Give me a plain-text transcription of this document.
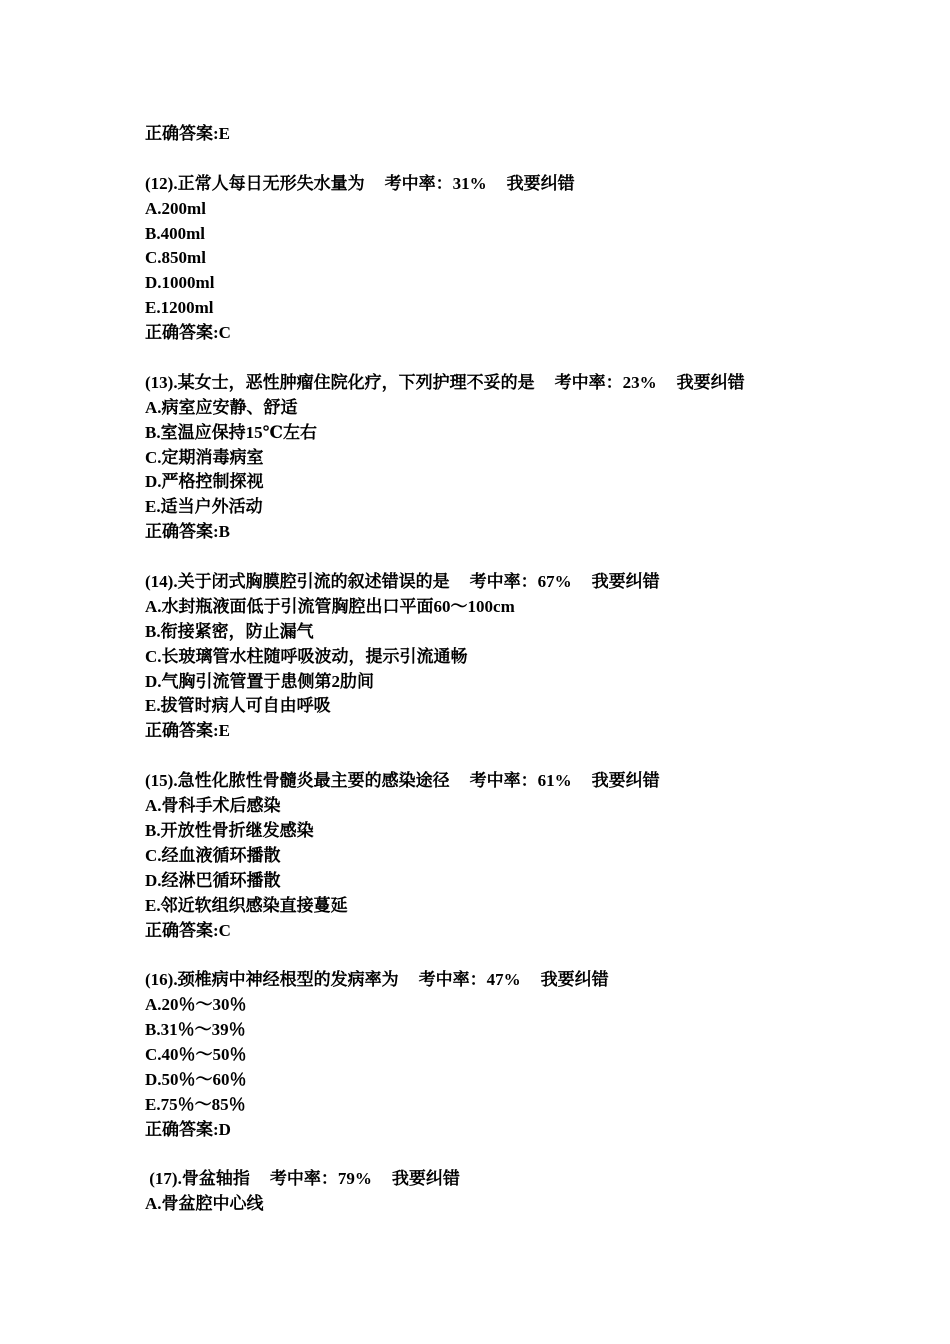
正确答案:E
(12).正常人每日无形失水量为 考中率：31% 我要纠错
A.200ml
B.400ml
C.850ml
D.1000ml
E.1200ml
正确答案:C
(13).某女士，恶性肿瘤住院化疗，下列护理不妥的是 考中率：23% 我要纠错
A.病室应安静、舒适
B.室温应保持15℃左右
C.定期消毒病室
D.严格控制探视
E.适当户外活动
正确答案:B
(14).关于闭式胸膜腔引流的叙述错误的是 考中率：67% 我要纠错
A.水封瓶液面低于引流管胸腔出口平面60～100cm
B.衔接紧密，防止漏气
C.长玻璃管水柱随呼吸波动，提示引流通畅
D.气胸引流管置于患侧第2肋间
E.拔管时病人可自由呼吸
正确答案:E
(15).急性化脓性骨髓炎最主要的感染途径 考中率：61% 我要纠错
A.骨科手术后感染
B.开放性骨折继发感染
C.经血液循环播散
D.经淋巴循环播散
E.邻近软组织感染直接蔓延
正确答案:C
(16).颈椎病中神经根型的发病率为 考中率：47% 我要纠错
A.20％～30％
B.31％～39％
C.40％～50％
D.50％～60％
E.75％～85％
正确答案:D
(17).骨盆轴指 考中率：79% 我要纠错
A.骨盆腔中心线
